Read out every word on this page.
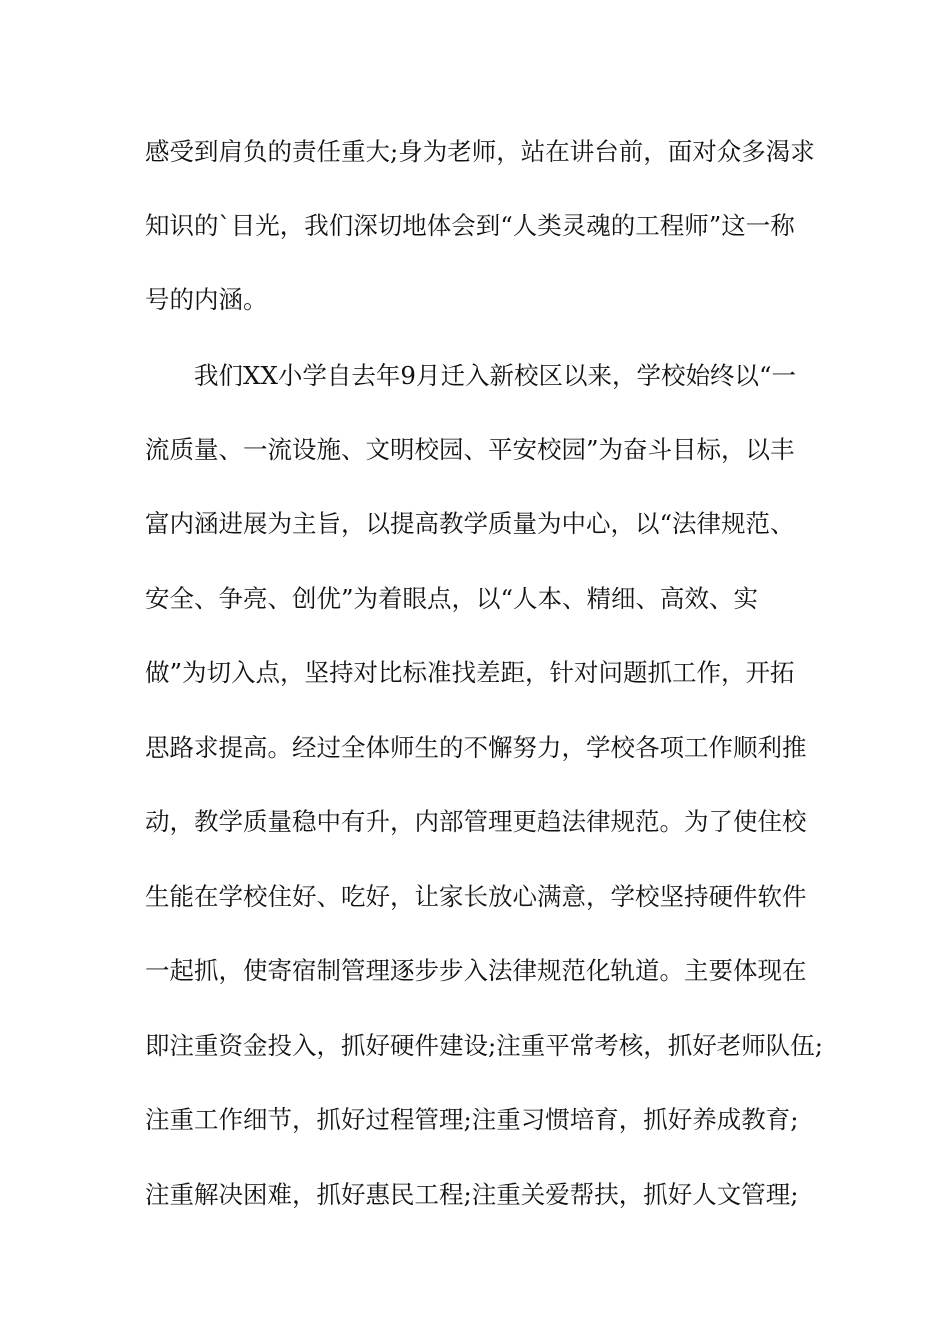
感受到肩负的责任重大;身为老师，站在讲台前，面对众多渴求

知识的`目光，我们深切地体会到“人类灵魂的工程师”这一称

号的内涵。

我们XX小学自去年9月迁入新校区以来，学校始终以“一

流质量、一流设施、文明校园、平安校园”为奋斗目标，以丰

富内涵进展为主旨，以提高教学质量为中心，以“法律规范、

安全、争亮、创优”为着眼点，以“人本、精细、高效、实

做”为切入点，坚持对比标准找差距，针对问题抓工作，开拓

思路求提高。经过全体师生的不懈努力，学校各项工作顺利推

动，教学质量稳中有升，内部管理更趋法律规范。为了使住校

生能在学校住好、吃好，让家长放心满意，学校坚持硬件软件

一起抓，使寄宿制管理逐步步入法律规范化轨道。主要体现在

即注重资金投入，抓好硬件建设;注重平常考核，抓好老师队伍;

注重工作细节，抓好过程管理;注重习惯培育，抓好养成教育;

注重解决困难，抓好惠民工程;注重关爱帮扶，抓好人文管理;
